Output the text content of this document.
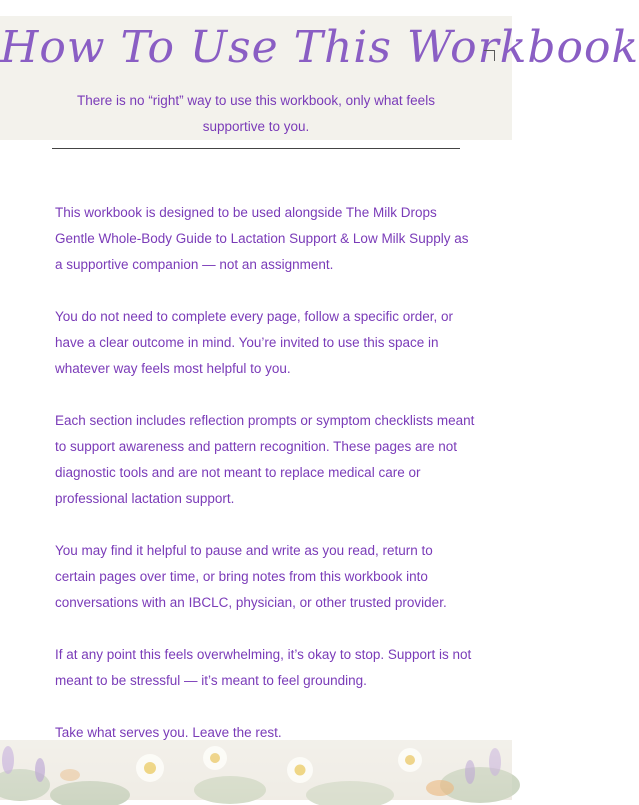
How To Use This Workbook
There is no “right” way to use this workbook, only what feels supportive to you.

This workbook is designed to be used alongside The Milk Drops Gentle Whole-Body Guide to Lactation Support & Low Milk Supply as a supportive companion — not an assignment.

You do not need to complete every page, follow a specific order, or have a clear outcome in mind. You’re invited to use this space in whatever way feels most helpful to you.

Each section includes reflection prompts or symptom checklists meant to support awareness and pattern recognition. These pages are not diagnostic tools and are not meant to replace medical care or professional lactation support.

You may find it helpful to pause and write as you read, return to certain pages over time, or bring notes from this workbook into conversations with an IBCLC, physician, or other trusted provider.

If at any point this feels overwhelming, it’s okay to stop. Support is not meant to be stressful — it’s meant to feel grounding.

Take what serves you. Leave the rest.
